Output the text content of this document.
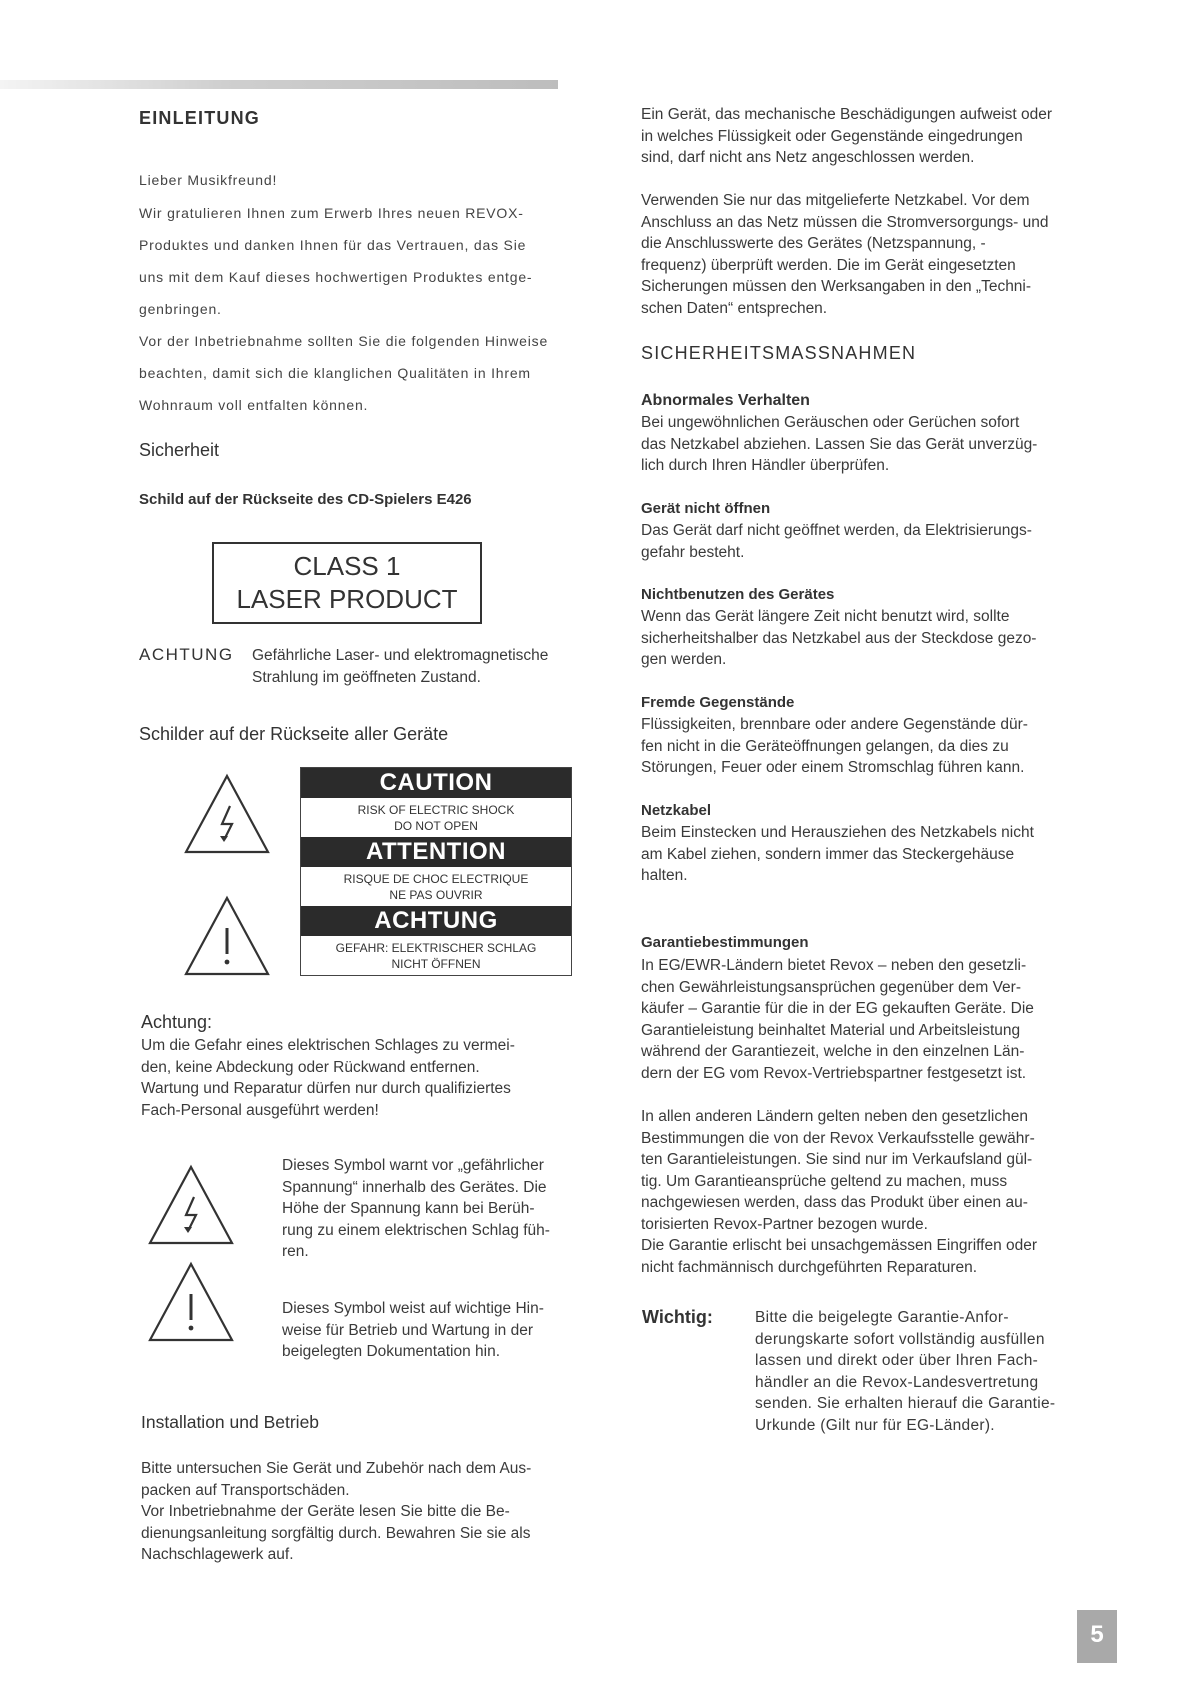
EINLEITUNG
Lieber Musikfreund!
Wir gratulieren Ihnen zum Erwerb Ihres neuen REVOX-
Produktes und danken Ihnen für das Vertrauen, das Sie
uns mit dem Kauf dieses hochwertigen Produktes entge-
genbringen.
Vor der Inbetriebnahme sollten Sie die folgenden Hinweise
beachten, damit sich die klanglichen Qualitäten in Ihrem
Wohnraum voll entfalten können.
Sicherheit
Schild auf der Rückseite des CD-Spielers E426
CLASS 1
LASER PRODUCT
ACHTUNG Gefährliche Laser- und elektromagnetische
Strahlung im geöffneten Zustand.
Schilder auf der Rückseite aller Geräte
CAUTION
RISK OF ELECTRIC SHOCK
DO NOT OPEN
ATTENTION
RISQUE DE CHOC ELECTRIQUE
NE PAS OUVRIR
ACHTUNG
GEFAHR: ELEKTRISCHER SCHLAG
NICHT ÖFFNEN
Achtung:
Um die Gefahr eines elektrischen Schlages zu vermei-
den, keine Abdeckung oder Rückwand entfernen.
Wartung und Reparatur dürfen nur durch qualifiziertes
Fach-Personal ausgeführt werden!
Dieses Symbol warnt vor „gefährlicher
Spannung“ innerhalb des Gerätes. Die
Höhe der Spannung kann bei Berüh-
rung zu einem elektrischen Schlag füh-
ren.
Dieses Symbol weist auf wichtige Hin-
weise für Betrieb und Wartung in der
beigelegten Dokumentation hin.
Installation und Betrieb
Bitte untersuchen Sie Gerät und Zubehör nach dem Aus-
packen auf Transportschäden.
Vor Inbetriebnahme der Geräte lesen Sie bitte die Be-
dienungsanleitung sorgfältig durch. Bewahren Sie sie als
Nachschlagewerk auf.
Ein Gerät, das mechanische Beschädigungen aufweist oder
in welches Flüssigkeit oder Gegenstände eingedrungen
sind, darf nicht ans Netz angeschlossen werden.
Verwenden Sie nur das mitgelieferte Netzkabel. Vor dem
Anschluss an das Netz müssen die Stromversorgungs- und
die Anschlusswerte des Gerätes (Netzspannung, -
frequenz) überprüft werden. Die im Gerät eingesetzten
Sicherungen müssen den Werksangaben in den „Techni-
schen Daten“ entsprechen.
SICHERHEITSMASSNAHMEN
Abnormales Verhalten
Bei ungewöhnlichen Geräuschen oder Gerüchen sofort
das Netzkabel abziehen. Lassen Sie das Gerät unverzüg-
lich durch Ihren Händler überprüfen.
Gerät nicht öffnen
Das Gerät darf nicht geöffnet werden, da Elektrisierungs-
gefahr besteht.
Nichtbenutzen des Gerätes
Wenn das Gerät längere Zeit nicht benutzt wird, sollte
sicherheitshalber das Netzkabel aus der Steckdose gezo-
gen werden.
Fremde Gegenstände
Flüssigkeiten, brennbare oder andere Gegenstände dür-
fen nicht in die Geräteöffnungen gelangen, da dies zu
Störungen, Feuer oder einem Stromschlag führen kann.
Netzkabel
Beim Einstecken und Herausziehen des Netzkabels nicht
am Kabel ziehen, sondern immer das Steckergehäuse
halten.
Garantiebestimmungen
In EG/EWR-Ländern bietet Revox – neben den gesetzli-
chen Gewährleistungsansprüchen gegenüber dem Ver-
käufer – Garantie für die in der EG gekauften Geräte. Die
Garantieleistung beinhaltet Material und Arbeitsleistung
während der Garantiezeit, welche in den einzelnen Län-
dern der EG vom Revox-Vertriebspartner festgesetzt ist.
In allen anderen Ländern gelten neben den gesetzlichen
Bestimmungen die von der Revox Verkaufsstelle gewähr-
ten Garantieleistungen. Sie sind nur im Verkaufsland gül-
tig. Um Garantieansprüche geltend zu machen, muss
nachgewiesen werden, dass das Produkt über einen au-
torisierten Revox-Partner bezogen wurde.
Die Garantie erlischt bei unsachgemässen Eingriffen oder
nicht fachmännisch durchgeführten Reparaturen.
Wichtig:	Bitte die beigelegte Garantie-Anfor-
derungskarte sofort vollständig ausfüllen
lassen und direkt oder über Ihren Fach-
händler an die Revox-Landesvertretung
senden. Sie erhalten hierauf die Garantie-
Urkunde (Gilt nur für EG-Länder).
5
